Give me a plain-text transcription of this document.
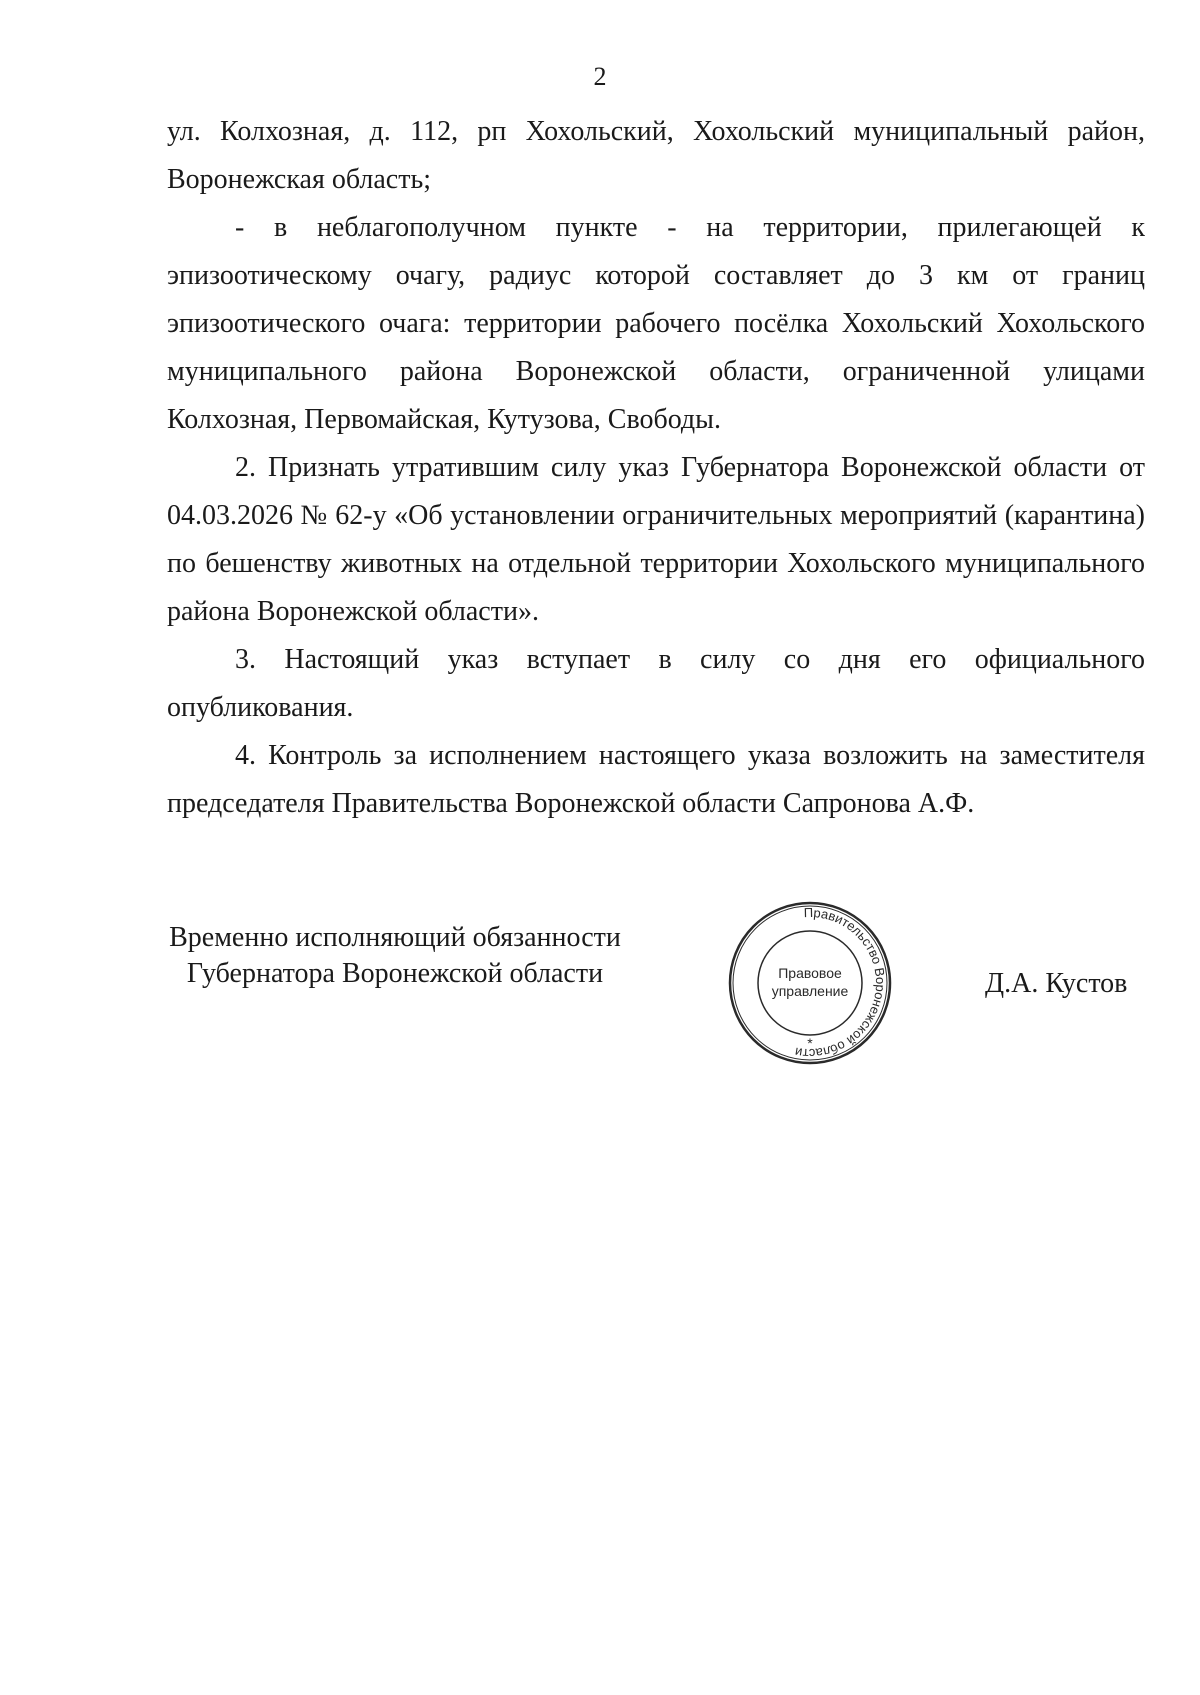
2

ул. Колхозная, д. 112, рп Хохольский, Хохольский муниципальный район, Воронежская область;

- в неблагополучном пункте - на территории, прилегающей к эпизоотическому очагу, радиус которой составляет до 3 км от границ эпизоотического очага: территории рабочего посёлка Хохольский Хохольского муниципального района Воронежской области, ограниченной улицами Колхозная, Первомайская, Кутузова, Свободы.

2. Признать утратившим силу указ Губернатора Воронежской области от 04.03.2026 № 62-у «Об установлении ограничительных мероприятий (карантина) по бешенству животных на отдельной территории Хохольского муниципального района Воронежской области».

3. Настоящий указ вступает в силу со дня его официального опубликования.

4. Контроль за исполнением настоящего указа возложить на заместителя председателя Правительства Воронежской области Сапронова А.Ф.

Временно исполняющий обязанности
Губернатора Воронежской области
Правительство Воронежской области
Правовое
управление
*
Д.А. Кустов
